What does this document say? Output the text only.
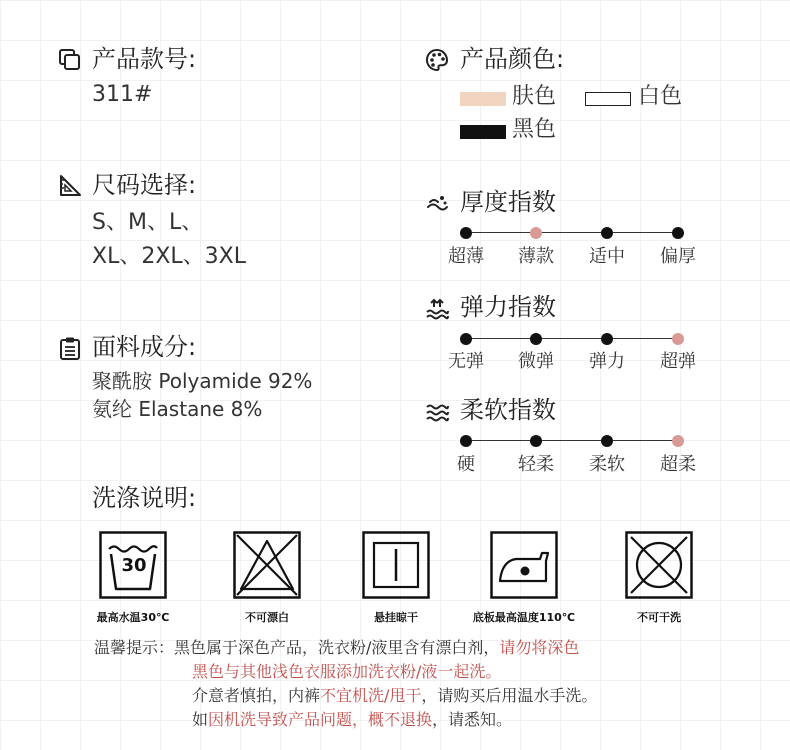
产品款号:
311#
尺码选择:
S、M、L、
XL、2XL、3XL
面料成分:
聚酰胺 Polyamide 92%
氨纶 Elastane 8%
产品颜色:
肤色	白色
黑色
厚度指数
超薄	薄款	适中	偏厚
弹力指数
无弹	微弹	弹力	超弹
柔软指数
硬	轻柔	柔软	超柔
洗涤说明:
30
最高水温30℃	不可漂白	悬挂晾干	底板最高温度110℃	不可干洗
温馨提示：黑色属于深色产品，洗衣粉/液里含有漂白剂，请勿将深色
黑色与其他浅色衣服添加洗衣粉/液一起洗。
介意者慎拍，内裤不宜机洗/甩干，请购买后用温水手洗。
如因机洗导致产品问题，概不退换，请悉知。
